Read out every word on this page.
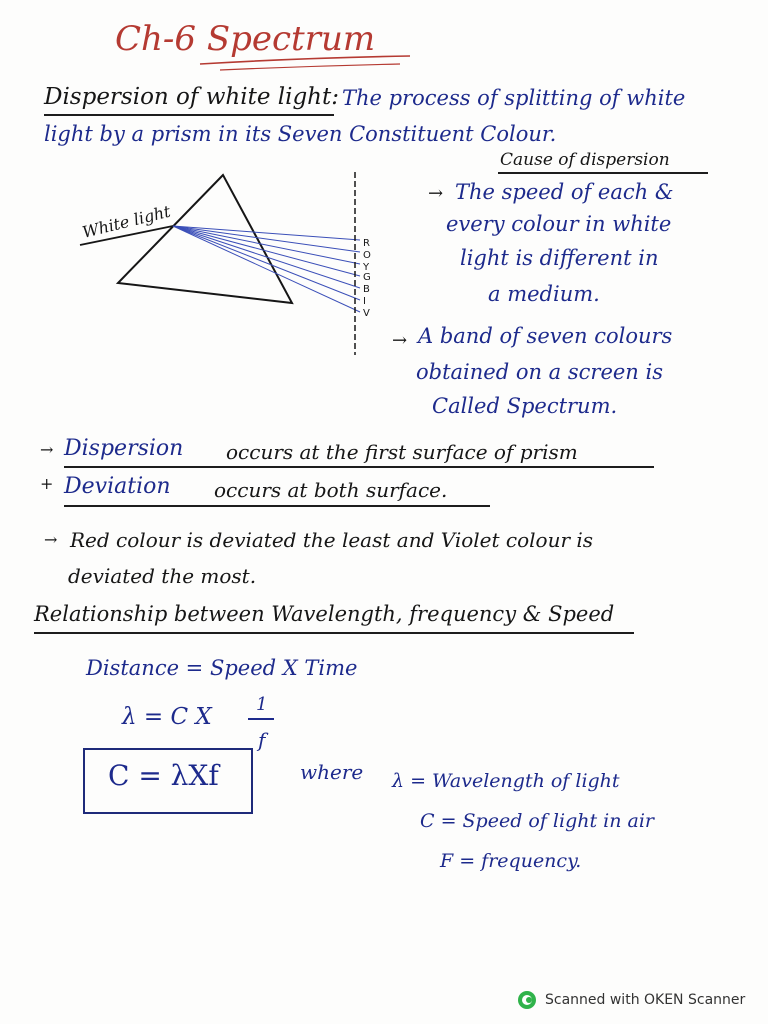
Ch-6 Spectrum
Dispersion of white light: The process of splitting of white
light by a prism in its Seven Constituent Colour.
White light
R
O
Y
G
B
I
V
Cause of dispersion
→ The speed of each &
every colour in white
light is different in
a medium.
→ A band of seven colours
obtained on a screen is
Called Spectrum.
→ Dispersion occurs at the first surface of prism
+ Deviation occurs at both surface.
→ Red colour is deviated the least and Violet colour is
deviated the most.
Relationship between Wavelength, frequency & Speed
Distance = Speed X Time
λ = C X 1
f
C = λXf	where λ = Wavelength of light
C = Speed of light in air
F = frequency.
Scanned with OKEN Scanner
